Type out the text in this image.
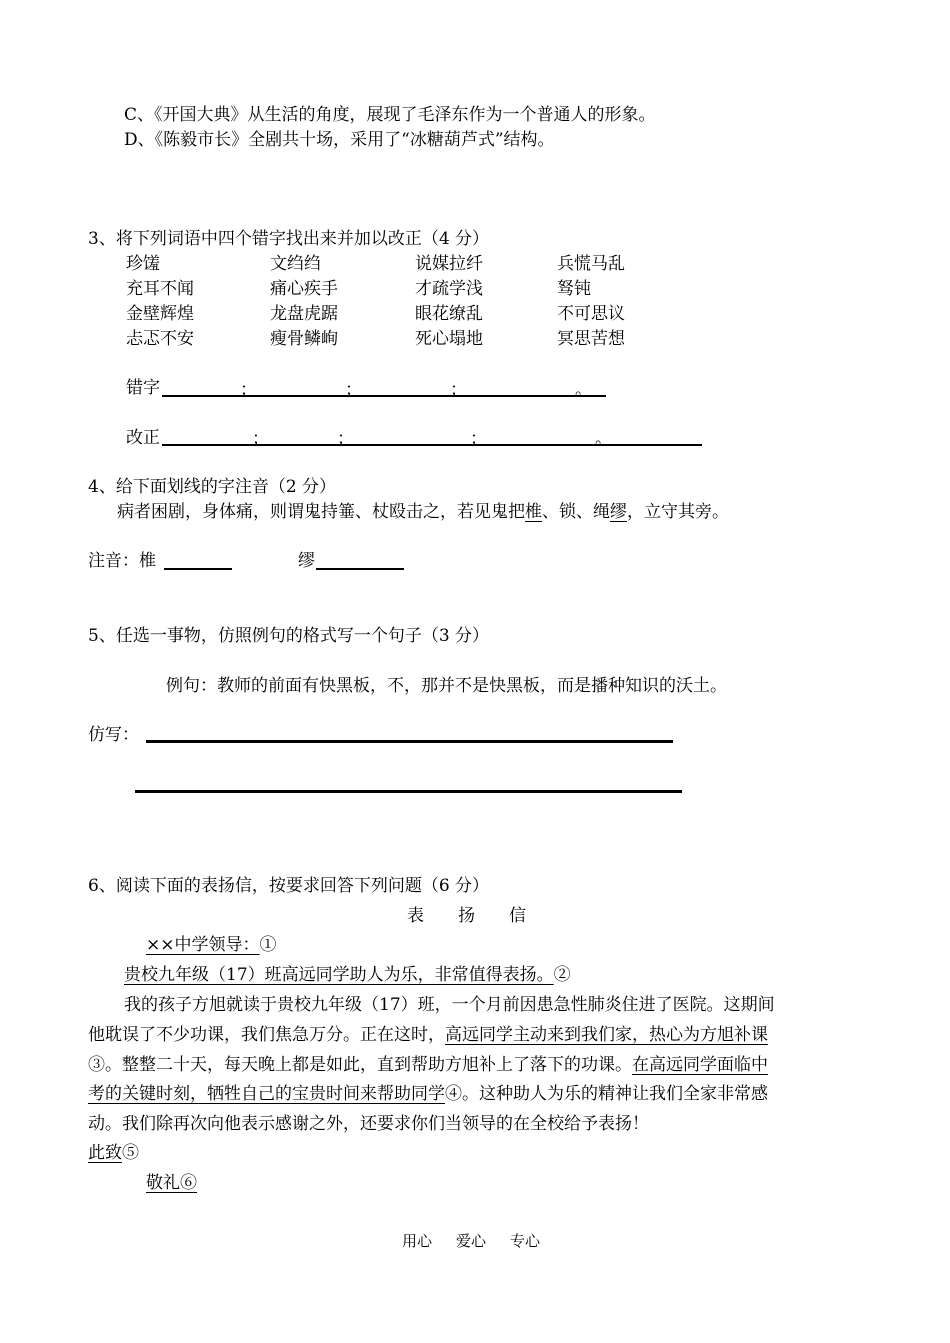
C、《开国大典》从生活的角度，展现了毛泽东作为一个普通人的形象。
D、《陈毅市长》全剧共十场，采用了“冰糖葫芦式”结构。
3、将下列词语中四个错字找出来并加以改正（4 分）
珍馐	文绉绉	说媒拉纤	兵慌马乱
充耳不闻	痛心疾手	才疏学浅	驽钝
金壁辉煌	龙盘虎踞	眼花缭乱	不可思议
忐忑不安	瘦骨鳞峋	死心塌地	冥思苦想
错字	；	；	；	。
改正	；	；	；	。
4、给下面划线的字注音（2 分）
病者困剧，身体痛，则谓鬼持箠、杖殴击之，若见鬼把椎、锁、绳缪，立守其旁。
注音：椎	缪
5、任选一事物，仿照例句的格式写一个句子（3 分）
例句：教师的前面有快黑板，不，那并不是快黑板，而是播种知识的沃土。
仿写：
6、阅读下面的表扬信，按要求回答下列问题（6 分）
表　　扬　　信
××中学领导：①
贵校九年级（17）班高远同学助人为乐，非常值得表扬。②
我的孩子方旭就读于贵校九年级（17）班，一个月前因患急性肺炎住进了医院。这期间
他耽误了不少功课，我们焦急万分。正在这时，高远同学主动来到我们家，热心为方旭补课
③。整整二十天，每天晚上都是如此，直到帮助方旭补上了落下的功课。在高远同学面临中
考的关键时刻，牺牲自己的宝贵时间来帮助同学④。这种助人为乐的精神让我们全家非常感
动。我们除再次向他表示感谢之外，还要求你们当领导的在全校给予表扬！
此致⑤
敬礼⑥
用心 爱心 专心
